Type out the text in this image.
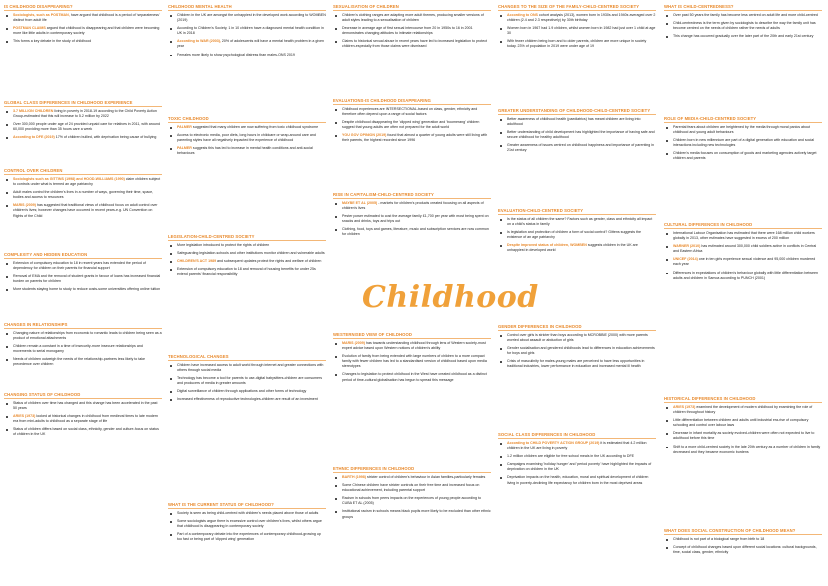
Childhood
IS CHILDHOOD DISAPPEARING?
Sociologists, such as POSTMAN, have argued that childhood is a period of 'separateness' distinct from adult life
POSTMAN CLAIMS argued that childhood is disappearing and that children were becoming more like little adults in contemporary society
This forms a key debate in the study of childhood
GLOBAL CLASS DIFFERENCES IN CHILDHOOD EXPERIENCE
3.7 MILLION CHILDREN living in poverty in 2018-19 according to the Child Poverty Action Group-estimated that this will increase to 5.2 million by 2022
Over 300,000 people under age of 24 provided unpaid care for relatives in 2011, with around 60,000 providing more than 35 hours care a week
According to DFE (2019) 17% of children bullied, with deprivation being cause of bullying
CONTROL OVER CHILDREN
Sociologists such as GITTINS (1998) and HOOD-WILLIAMS (1990) claim children subject to controls under what is termed an age patriarchy
Adult males control the children's lives in a number of ways, governing their time, space, bodies and access to resources
MARIS (2009) has suggested that traditional views of childhood focus on adult control over children's lives; however changes have occurred in recent years-e.g. UN Convention on Rights of the Child
COMPLEXITY AND HIDDEN EDUCATION
Extension of compulsory education to 18 in recent years has extended the period of dependency for children on their parents for financial support
Removal of EMA and the removal of student grants in favour of loans has increased financial burden on parents for children
More students staying home to study to reduce costs-some universities offering online tuition
CHANGES IN RELATIONSHIPS
Changing nature of relationships from economic to romantic leads to children being seen as a product of emotional attachments
Children remain a constant in a time of insecurity-more insecure relationships and movements to serial monogamy
Needs of children outweigh the needs of the relationship-partners less likely to take precedence over children
CHANGING STATUS OF CHILDHOOD
Status of children over time has changed and this change has been accelerated in the past 50 years
ARIES (1973) looked at historical changes in childhood from medieval times to late modern era from mini-adults to childhood as a separate stage of life
Status of children differs based on social class, ethnicity, gender and culture-focus on status of children in the UK
CHILDHOOD MENTAL HEALTH
Children in the UK are amongst the unhappiest in the developed work according to WOMBEN (2019)
According to Children's Society, 1 in 10 children have a diagnosed mental health condition in UK in 2018
According to WAR (2003), 20% of adolescents will have a mental health problem in a given year
Females more likely to show psychological distress than males-ONS 2019
TOXIC CHILDHOOD
PALMER suggested that many children are now suffering from toxic childhood syndrome
Access to electronic media, poor diets, long hours in childcare or wrap-around care and parenting styles have all negatively impacted the experience of childhood
PALMER suggests this has led to increase in mental health conditions and anti-social behaviours
LEGISLATION-CHILD-CENTRED SOCIETY
More legislation introduced to protect the rights of children
Safeguarding legislation-schools and other institutions monitor children and vulnerable adults
CHILDREN'S ACT 1989 and subsequent updates protect the rights and welfare of children
Extension of compulsory education to 18 and removal of housing benefits for under 25s extend parents' financial responsibility
TECHNOLOGICAL CHANGES
Children have increased access to adult world through internet and greater connections with others through social media
Technology has become a tool for parents to use-digital babysitters-children are consumers and producers of media in greater amounts
Digital surveillance of children through applications and other forms of technology
Increased effectiveness of reproductive technologies-children are result of an investment
WHAT IS THE CURRENT STATUS OF CHILDHOOD?
Society is seen as being child-centred with children's needs placed above those of adults
Some sociologists argue there is excessive control over children's lives, whilst others argue that childhood is disappearing in contemporary society
Part of a contemporary debate into the experiences of contemporary childhood-growing up too fast or being part of 'clipped wing' generation
SEXUALISATION OF CHILDREN
Children's clothing ranges are adapting more adult themes, producing smaller versions of adult styles leading to a sexualisation of children
Decrease in average age of first sexual intercourse from 20 in 1950s to 16 in 2001 demonstrates changing attitudes to intimate relationships
Claims to historical sexual abuse in recent years have led to increased legislation to protect children-especially from those claims were dismissed
EVALUATIONS-IS CHILDHOOD DISAPPEARING
Childhood experiences are INTERSECTIONAL-based on class, gender, ethnicity and therefore often depend upon a range of social factors
Despite childhood disappearing the 'clipped wing' generation and 'boomerang' children suggest that young adults are often not prepared for the adult world
YOU GOV OPINION (2019) found that almost a quarter of young adults were still living with their parents, the highest recorded since 1996
RISE IN CAPITALISM-CHILD-CENTRED SOCIETY
MAYBE ET AL (2005) - markets for children's products created focusing on all aspects of children's lives
Pester power estimated to cost the average family £1,700 per year with most being spent on snacks and drinks, toys and trips out
Clothing, food, toys and games, literature, music and subscription services are now common for children
WESTERNISED VIEW OF CHILDHOOD
MARIS (2009) has towards understanding childhood through lens of Western society-most expert advice based upon Western notions of children's ability
Evolution of family from being extended with large numbers of children to a more compact family with fewer children has led to a standardised version of childhood based upon media stereotypes
Changes to legislation to protect childhood in the West have created childhood as a distinct period of time-cultural globalisation has begun to spread this message
ETHNIC DIFFERENCES IN CHILDHOOD
BARTH (1998) stricter control of children's behaviour in Asian families-particularly females
Some Chinese children have stricter controls on their free time and increased focus on educational achievement, including parental support
Racism in schools from peers impacts on the experiences of young people according to CUBA ET AL (2005)
Institutional racism in schools means black pupils more likely to be excluded than other ethnic groups
CHANGES TO THE SIZE OF THE FAMILY-CHILD-CENTRED SOCIETY
According to ONS cohort analysis (2013), women born in 1930s and 1940s averaged over 2 children (2.4 and 2.3 respectively) by 30th birthday
Women born in 1967 had 1.9 children, whilst women born in 1982 had just over 1 child at age 30
With fewer children being born and to older parents, children are more unique in society today. 23% of population in 2019 were under age of 19
GREATER UNDERSTANDING OF CHILDHOOD-CHILD-CENTRED SOCIETY
Better awareness of childhood health (paediatrics) has meant children are living into adulthood
Better understanding of child development has highlighted the importance of having safe and secure childhood for healthy adulthood
Greater awareness of issues centred on childhood happiness and importance of parenting in 21st century
EVALUATION-CHILD-CENTRED SOCIETY
Is the status of all children the same? Factors such as gender, class and ethnicity all impact on a child's status in family
Is legislation and protection of children a form of social control? Gittens suggests the existence of an age patriarchy
Despite improved status of children, WOMBEN suggests children in the UK are unhappiest in developed world
GENDER DIFFERENCES IN CHILDHOOD
Control over girls is stricter than boys according to MCROBBIE (2000) with more parents worried about assault or abduction of girls
Gender socialisation and gendered childhoods lead to differences in education achievements for boys and girls
Crisis of masculinity for males-young males are perceived to have less opportunities in traditional industries, lower performance in education and increased mental ill health
SOCIAL CLASS DIFFERENCES IN CHILDHOOD
According to CHILD POVERTY ACTION GROUP (2019) it is estimated that 4.2 million children in the UK are living in poverty
1.2 million children are eligible for free school meals in the UK according to DFE
Campaigns examining 'holiday hunger' and 'period poverty' have highlighted the impacts of deprivation on children in the UK
Deprivation impacts on the health, education, moral and spiritual development of children living in poverty-declining life expectancy for children born in the most deprived areas
WHAT IS CHILD-CENTREDNESS?
Over past 50 years the family has become less centred on adult life and more child-centred
Child-centredness is the term given by sociologists to describe the way the family unit has become centred on the needs of children rather the needs of adults
This change has occurred gradually over the later part of the 20th and early 21st century
ROLE OF MEDIA-CHILD-CENTRED SOCIETY
Parental fears about children are heightened by the media through moral panics about childhood and young adult behaviours
Children born in new millennium are part of a digital generation with education and social interactions including new technologies
Children's media focuses on consumption of goods and marketing agencies actively target children and parents
CULTURAL DIFFERENCES IN CHILDHOOD
International Labour Organisation has estimated that there were 168 million child workers globally in 2013, other estimates have suggested in excess of 200 million
WARNER (2010) has estimated around 300,000 child soldiers active in conflicts in Central and Eastern Africa
UNICEF (2014) one in ten girls experience sexual violence and 95,000 children murdered each year
Differences in expectations of children's behaviour globally with little differentiation between adults and children in Samoa according to PUNCH (2001)
HISTORICAL DIFFERENCES IN CHILDHOOD
ARIES (1973) examined the development of modern childhood by examining the role of children throughout history
Little differentiation between children and adults until industrial era-rise of compulsory schooling and control over labour laws
Decrease in infant mortality as society evolved-children were often not expected to live to adulthood before this time
Shift to a more child-centred society in the late 20th century as a number of children in family decreased and they became economic burdens
WHAT DOES SOCIAL CONSTRUCTION OF CHILDHOOD MEAN?
Childhood is not part of a biological range from birth to 18
Concept of childhood changes based upon different social locations: cultural backgrounds, time, social class, gender, ethnicity
